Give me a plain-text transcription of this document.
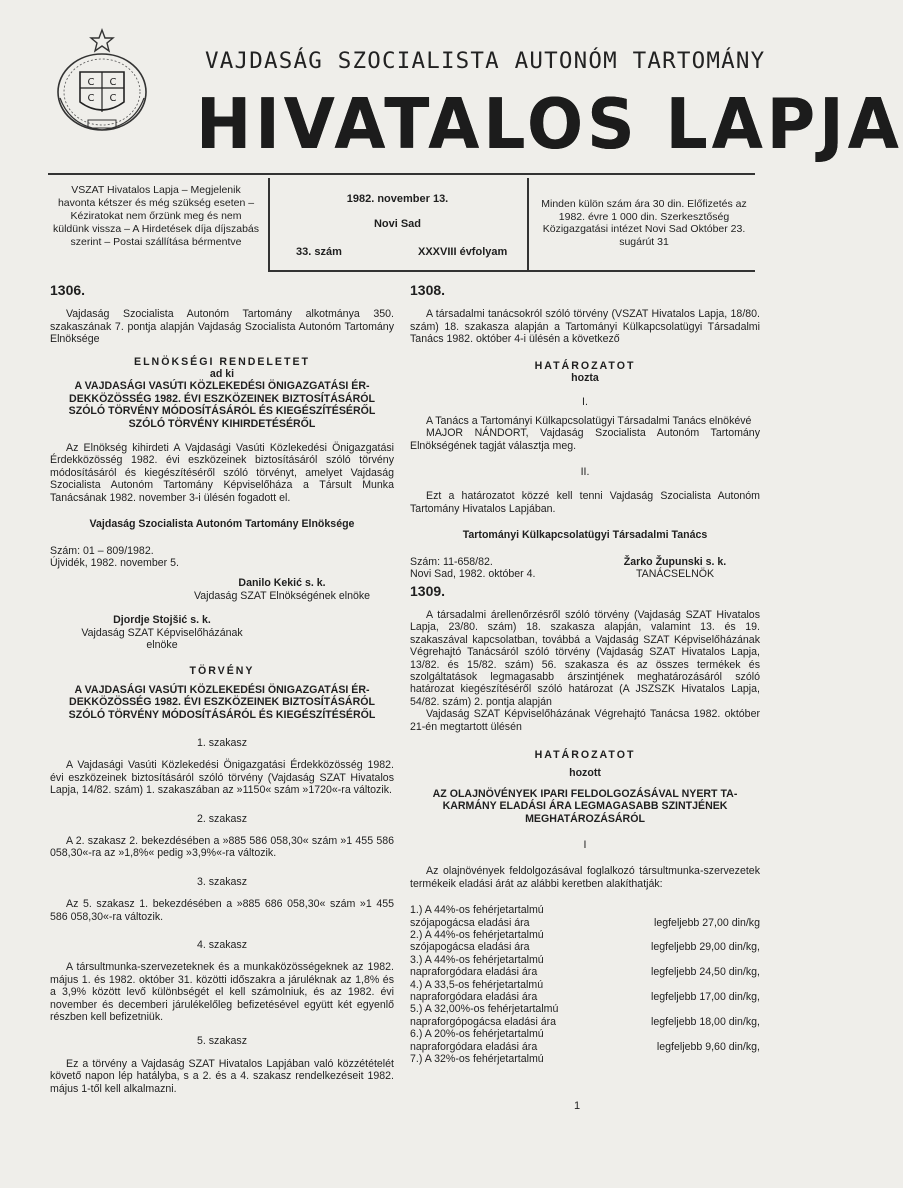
C C
C C
VAJDASÁG SZOCIALISTA AUTONÓM TARTOMÁNY
HIVATALOS LAPJA
VSZAT Hivatalos Lapja – Megjelenik havonta kétszer és még szükség eseten – Kéziratokat nem őrzünk meg és nem küldünk vissza – A Hirdetések díja díjszabás szerint – Postai szállítása bérmentve
1982. november 13.
Novi Sad
33. szám	XXXVIII évfolyam
Minden külön szám ára 30 din. Előfizetés az 1982. évre 1 000 din. Szerkesztőség Közigazgatási intézet Novi Sad Október 23. sugárút 31

1306.

Vajdaság Szocialista Autonóm Tartomány alkotmánya 350. szakaszának 7. pontja alapján Vajdaság Szocialista Autonóm Tartomány Elnöksége

ELNÖKSÉGI RENDELETET

ad ki

A VAJDASÁGI VASÚTI KÖZLEKEDÉSI ÖNIGAZGATÁSI ÉRDEKKÖZÖSSÉG 1982. ÉVI ESZKÖZEINEK BIZTOSÍTÁSÁRÓL SZÓLÓ TÖRVÉNY MÓDOSÍTÁSÁRÓL ÉS KIEGÉSZÍTÉSÉRŐL SZÓLÓ TÖRVÉNY KIHIRDETÉSÉRŐL

Az Elnökség kihirdeti A Vajdasági Vasúti Közlekedési Önigazgatási Érdekközösség 1982. évi eszközeinek biztosításáról szóló törvény módosításáról és kiegészítéséről szóló törvényt, amelyet Vajdaság Szocialista Autonóm Tartomány Képviselőháza a Társult Munka Tanácsának 1982. november 3-i ülésén fogadott el.

Vajdaság Szocialista Autonóm Tartomány Elnöksége

Szám: 01 – 809/1982.

Újvidék, 1982. november 5.

Danilo Kekić s. k.

Vajdaság SZAT Elnökségének elnöke

Djordje Stojšić s. k.

Vajdaság SZAT Képviselőházának

elnöke

TÖRVÉNY

A VAJDASÁGI VASÚTI KÖZLEKEDÉSI ÖNIGAZGATÁSI ÉRDEKKÖZÖSSÉG 1982. ÉVI ESZKÖZEINEK BIZTOSÍTÁSÁRÓL SZÓLÓ TÖRVÉNY MÓDOSÍTÁSÁRÓL ÉS KIEGÉSZÍTÉSÉRŐL

1. szakasz

A Vajdasági Vasúti Közlekedési Önigazgatási Érdekközösség 1982. évi eszközeinek biztosításáról szóló törvény (Vajdaság SZAT Hivatalos Lapja, 14/82. szám) 1. szakaszában az »1150« szám »1720«-ra változik.

2. szakasz

A 2. szakasz 2. bekezdésében a »885 586 058,30« szám »1 455 586 058,30«-ra az »1,8%« pedig »3,9%«-ra változik.

3. szakasz

Az 5. szakasz 1. bekezdésében a »885 686 058,30« szám »1 455 586 058,30«-ra változik.

4. szakasz

A társultmunka-szervezeteknek és a munkaközösségeknek az 1982. május 1. és 1982. október 31. közötti időszakra a járuléknak az 1,8% és a 3,9% között levő különbségét el kell számolniuk, és az 1982. évi november és decemberi járulékelőleg befizetésével együtt két egyenlő részben kell befizetniük.

5. szakasz

Ez a törvény a Vajdaság SZAT Hivatalos Lapjában való közzétételét követő napon lép hatályba, s a 2. és a 4. szakasz rendelkezéseit 1982. május 1-től kell alkalmazni.

1308.

A társadalmi tanácsokról szóló törvény (VSZAT Hivatalos Lapja, 18/80. szám) 18. szakasza alapján a Tartományi Külkapcsolatügyi Társadalmi Tanács 1982. október 4-i ülésén a következő

HATÁROZATOT

hozta

I.

A Tanács a Tartományi Külkapcsolatügyi Társadalmi Tanács elnökévé

MAJOR NÁNDORT, Vajdaság Szocialista Autonóm Tartomány Elnökségének tagját választja meg.

II.

Ezt a határozatot közzé kell tenni Vajdaság Szocialista Autonóm Tartomány Hivatalos Lapjában.

Tartományi Külkapcsolatügyi Társadalmi Tanács

Szám: 11-658/82.

Novi Sad, 1982. október 4.

Žarko Župunski s. k.

TANÁCSELNÖK

1309.

A társadalmi árellenőrzésről szóló törvény (Vajdaság SZAT Hivatalos Lapja, 23/80. szám) 18. szakasza alapján, valamint 13. és 19. szakaszával kapcsolatban, továbbá a Vajdaság SZAT Képviselőházának Végrehajtó Tanácsáról szóló törvény (Vajdaság SZAT Hivatalos Lapja, 13/82. és 15/82. szám) 56. szakasza és az összes termékek és szolgáltatások legmagasabb árszintjének meghatározásáról szóló határozat kiegészítéséről szóló határozat (A JSZSZK Hivatalos Lapja, 54/82. szám) 2. pontja alapján

Vajdaság SZAT Képviselőházának Végrehajtó Tanácsa 1982. október 21-én megtartott ülésén

HATÁROZATOT

hozott

AZ OLAJNÖVÉNYEK IPARI FELDOLGOZÁSÁVAL NYERT TAKARMÁNY ELADÁSI ÁRA LEGMAGASABB SZINTJÉNEK MEGHATÁROZÁSÁRÓL

I

Az olajnövények feldolgozásával foglalkozó társultmunka-szervezetek termékeik eladási árát az alábbi keretben alakíthatják:

1.) A 44%-os fehérjetartalmú

szójapogácsa eladási ára

	legfeljebb 27,00 din/kg

2.) A 44%-os fehérjetartalmú

szójapogácsa eladási ára

	legfeljebb 29,00 din/kg,

3.) A 44%-os fehérjetartalmú

napraforgódara eladási ára

	legfeljebb 24,50 din/kg,

4.) A 33,5-os fehérjetartalmú

napraforgódara eladási ára

	legfeljebb 17,00 din/kg,

5.) A 32,00%-os fehérjetartalmú

napraforgópogácsa eladási ára

	legfeljebb 18,00 din/kg,

6.) A 20%-os fehérjetartalmú

napraforgódara eladási ára

	legfeljebb 9,60 din/kg,

7.) A 32%-os fehérjetartalmú

1
